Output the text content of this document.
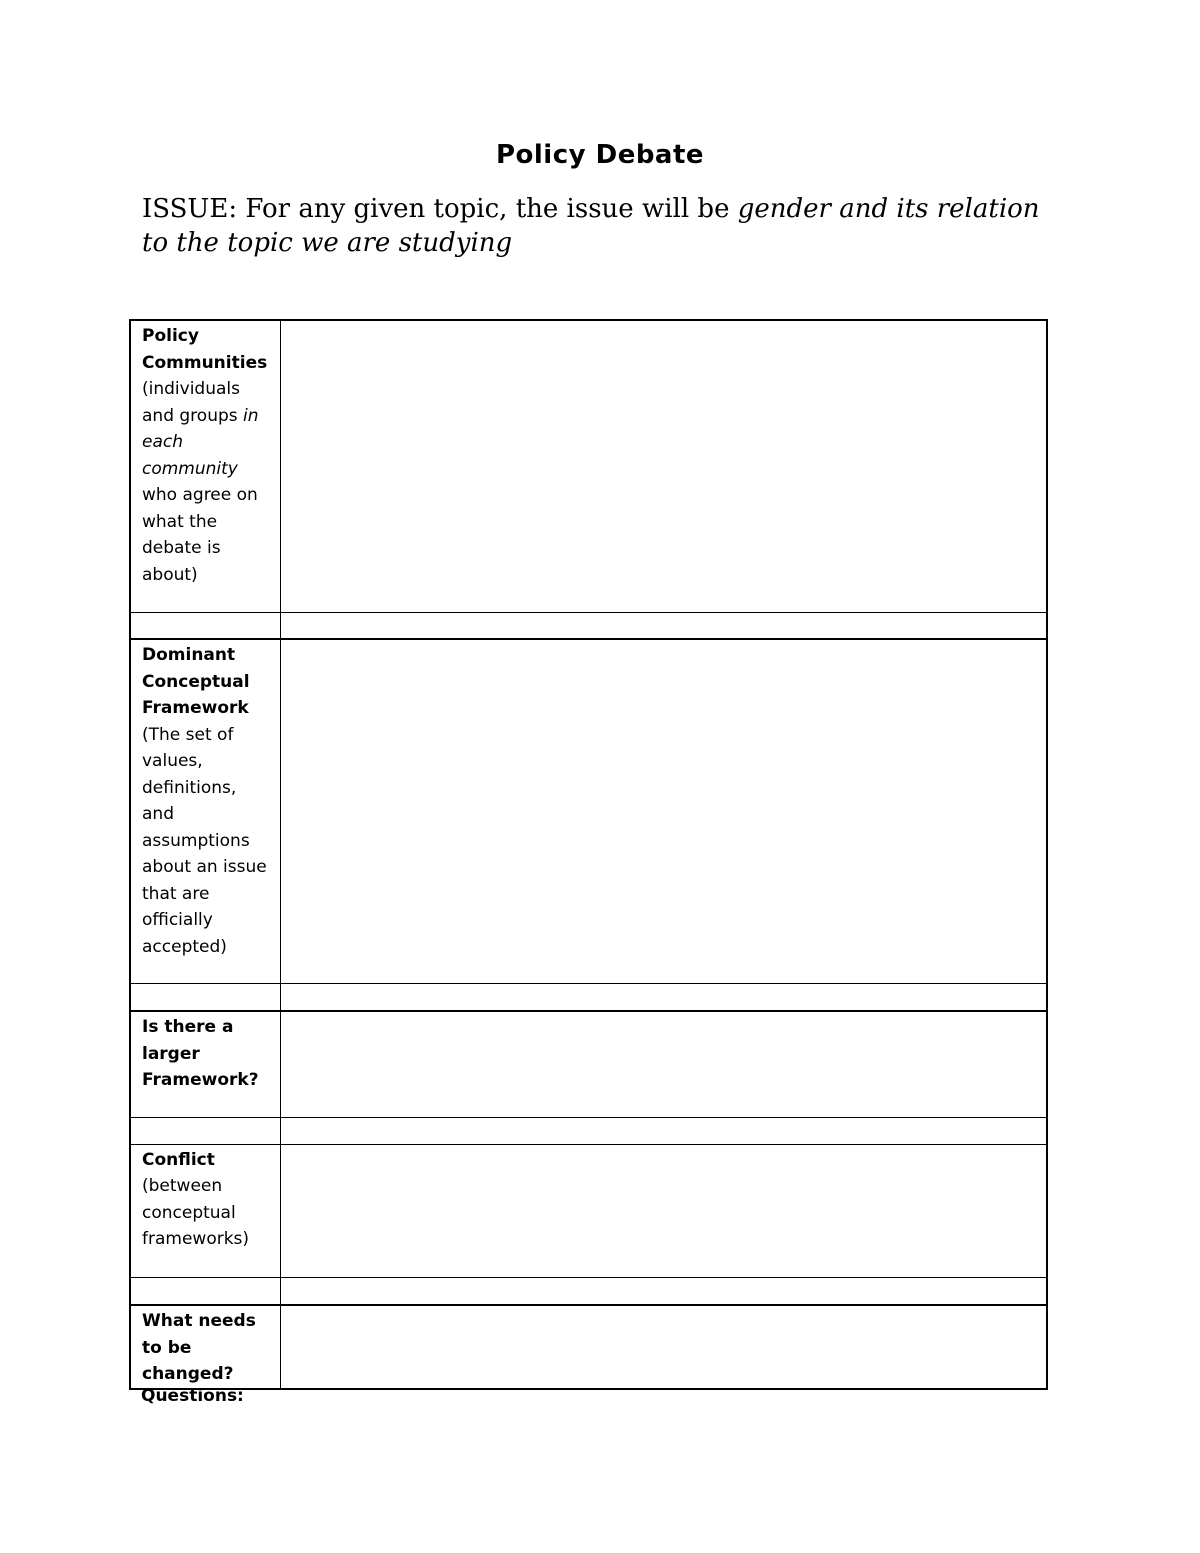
Policy Debate

ISSUE: For any given topic, the issue will be gender and its relation to the topic we are studying

Policy Communities (individuals and groups in each community who agree on what the debate is about)	

Dominant Conceptual Framework (The set of values, definitions, and assumptions about an issue that are officially accepted)	

Is there a larger Framework?	

Conflict (between conceptual frameworks)	

What needs to be changed?	
Questions:
